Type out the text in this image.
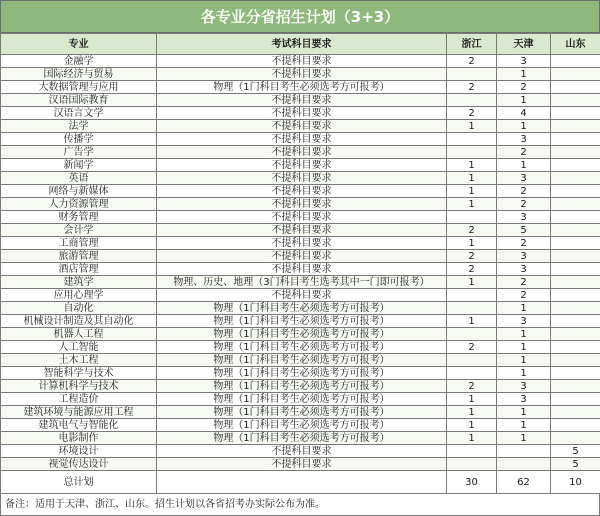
各专业分省招生计划（3+3）
专业	考试科目要求	浙江	天津	山东
金融学	不提科目要求	2	3	
国际经济与贸易	不提科目要求		1	
大数据管理与应用	物理（1门科目考生必须选考方可报考）	2	2	
汉语国际教育	不提科目要求		1	
汉语言文学	不提科目要求	2	4	
法学	不提科目要求	1	1	
传播学	不提科目要求		3	
广告学	不提科目要求		2	
新闻学	不提科目要求	1	1	
英语	不提科目要求	1	3	
网络与新媒体	不提科目要求	1	2	
人力资源管理	不提科目要求	1	2	
财务管理	不提科目要求		3	
会计学	不提科目要求	2	5	
工商管理	不提科目要求	1	2	
旅游管理	不提科目要求	2	3	
酒店管理	不提科目要求	2	3	
建筑学	物理、历史、地理（3门科目考生选考其中一门即可报考）	1	2	
应用心理学	不提科目要求		2	
自动化	物理（1门科目考生必须选考方可报考）		1	
机械设计制造及其自动化	物理（1门科目考生必须选考方可报考）	1	3	
机器人工程	物理（1门科目考生必须选考方可报考）		1	
人工智能	物理（1门科目考生必须选考方可报考）	2	1	
土木工程	物理（1门科目考生必须选考方可报考）		1	
智能科学与技术	物理（1门科目考生必须选考方可报考）		1	
计算机科学与技术	物理（1门科目考生必须选考方可报考）	2	3	
工程造价	物理（1门科目考生必须选考方可报考）	1	3	
建筑环境与能源应用工程	物理（1门科目考生必须选考方可报考）	1	1	
建筑电气与智能化	物理（1门科目考生必须选考方可报考）	1	1	
电影制作	物理（1门科目考生必须选考方可报考）	1	1	
环境设计	不提科目要求			5
视觉传达设计	不提科目要求			5
总计划		30	62	10
备注：适用于天津、浙江、山东。招生计划以各省招考办实际公布为准。
